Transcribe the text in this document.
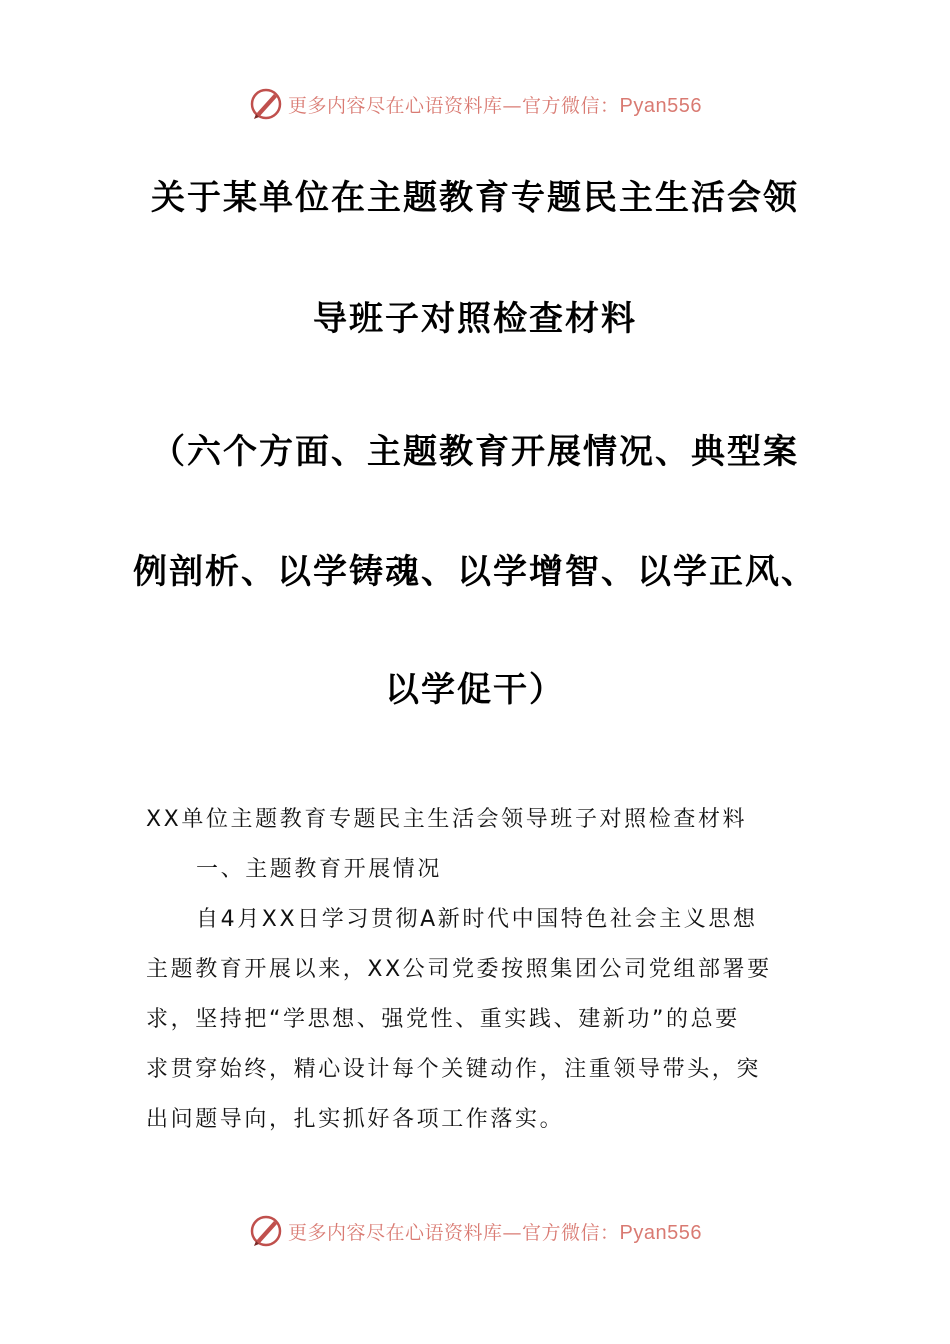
更多内容尽在心语资料库—官方微信：Pyan556
关于某单位在主题教育专题民主生活会领
导班子对照检查材料
（六个方面、主题教育开展情况、典型案
例剖析、以学铸魂、以学增智、以学正风、
以学促干）
XX单位主题教育专题民主生活会领导班子对照检查材料
一、主题教育开展情况
自4月XX日学习贯彻A新时代中国特色社会主义思想
主题教育开展以来，XX公司党委按照集团公司党组部署要
求，坚持把“学思想、强党性、重实践、建新功”的总要
求贯穿始终，精心设计每个关键动作，注重领导带头，突
出问题导向，扎实抓好各项工作落实。
更多内容尽在心语资料库—官方微信：Pyan556
